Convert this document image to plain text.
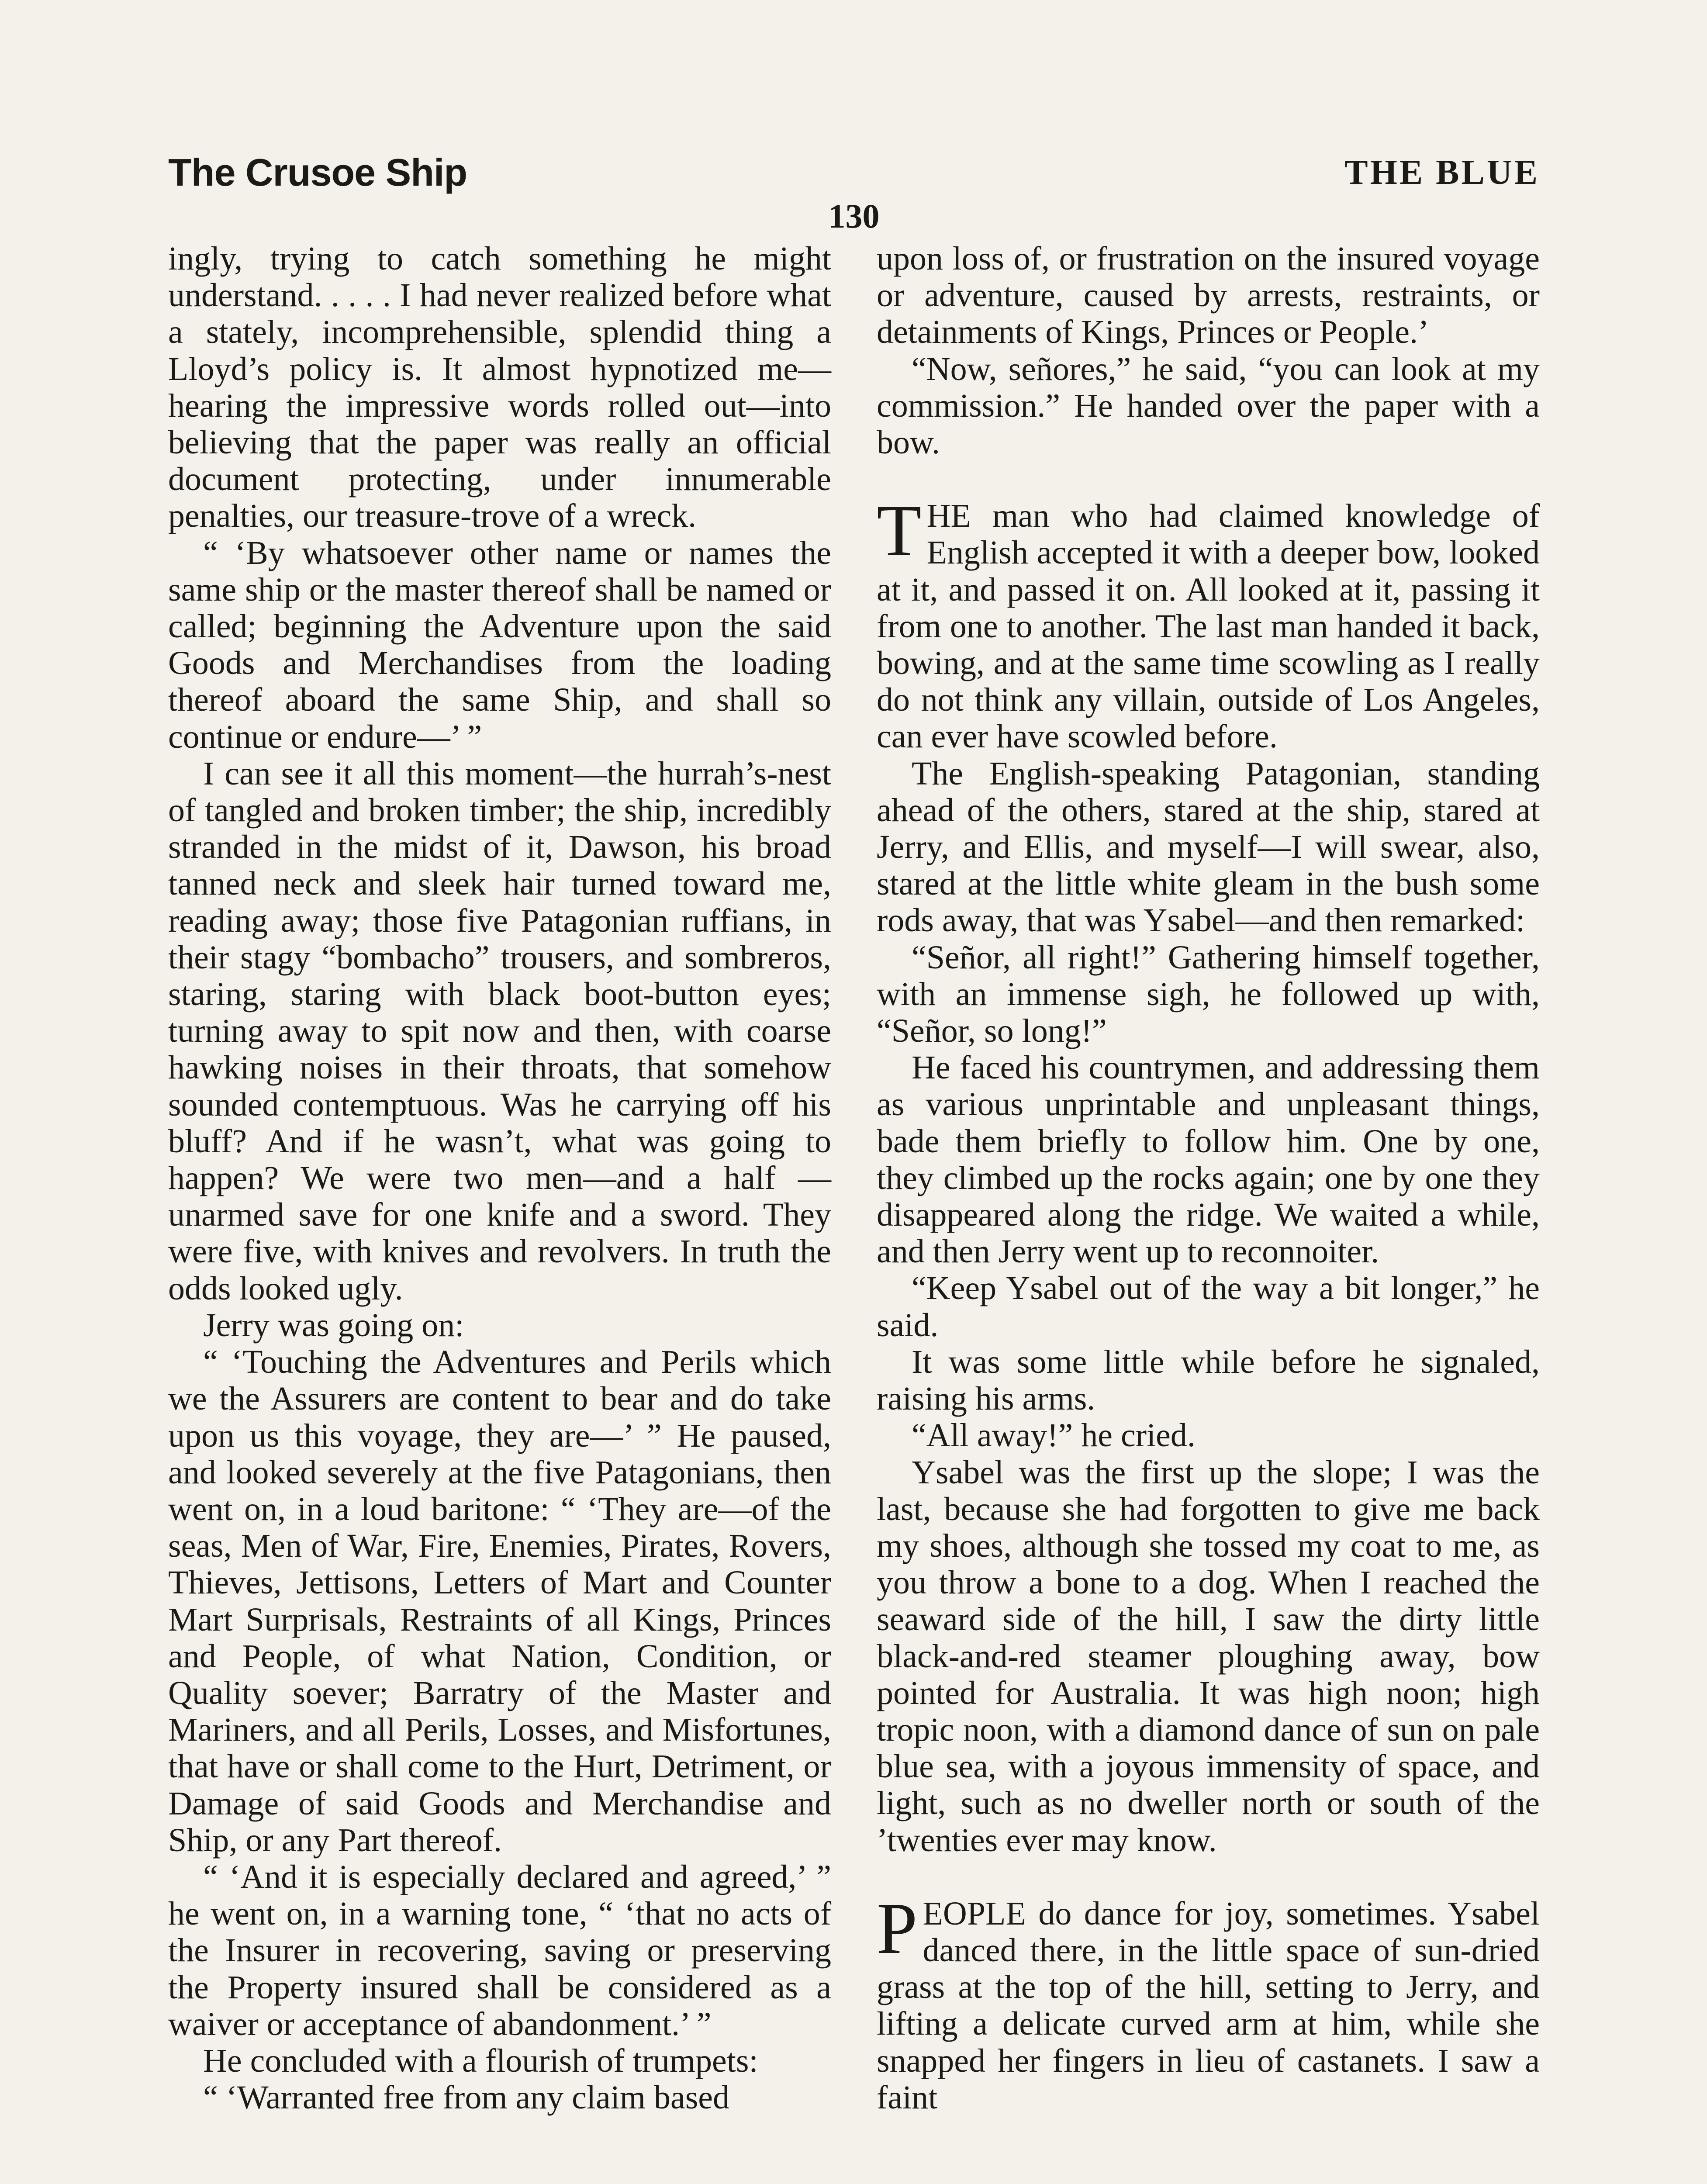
The Crusoe Ship	THE BLUE
130

ingly, trying to catch something he might understand. . . . . I had never realized before what a stately, incomprehensible, splendid thing a Lloyd’s policy is. It almost hypnotized me—hearing the impressive words rolled out—into believing that the paper was really an official document protecting, under innumerable penalties, our treasure-trove of a wreck.

“ ‘By whatsoever other name or names the same ship or the master thereof shall be named or called; beginning the Adventure upon the said Goods and Merchandises from the loading thereof aboard the same Ship, and shall so continue or endure—’ ”

I can see it all this moment—the hurrah’s-nest of tangled and broken timber; the ship, incredibly stranded in the midst of it, Dawson, his broad tanned neck and sleek hair turned toward me, reading away; those five Patagonian ruffians, in their stagy “bombacho” trousers, and sombreros, staring, staring with black boot-button eyes; turning away to spit now and then, with coarse hawking noises in their throats, that somehow sounded contemptuous. Was he carrying off his bluff? And if he wasn’t, what was going to happen? We were two men—and a half —unarmed save for one knife and a sword. They were five, with knives and revolvers. In truth the odds looked ugly.

Jerry was going on:

“ ‘Touching the Adventures and Perils which we the Assurers are content to bear and do take upon us this voyage, they are—’ ” He paused, and looked severely at the five Patagonians, then went on, in a loud baritone: “ ‘They are—of the seas, Men of War, Fire, Enemies, Pirates, Rovers, Thieves, Jettisons, Letters of Mart and Counter Mart Surprisals, Restraints of all Kings, Princes and People, of what Nation, Condition, or Quality soever; Barratry of the Master and Mariners, and all Perils, Losses, and Misfortunes, that have or shall come to the Hurt, Detriment, or Damage of said Goods and Merchandise and Ship, or any Part thereof.

“ ‘And it is especially declared and agreed,’ ” he went on, in a warning tone, “ ‘that no acts of the Insurer in recovering, saving or preserving the Property insured shall be considered as a waiver or acceptance of abandonment.’ ”

He concluded with a flourish of trumpets:

“ ‘Warranted free from any claim based

upon loss of, or frustration on the insured voyage or adventure, caused by arrests, restraints, or detainments of Kings, Princes or People.’

“Now, señores,” he said, “you can look at my commission.” He handed over the paper with a bow.

THE man who had claimed knowledge of English accepted it with a deeper bow, looked at it, and passed it on. All looked at it, passing it from one to another. The last man handed it back, bowing, and at the same time scowling as I really do not think any villain, outside of Los Angeles, can ever have scowled before.

The English-speaking Patagonian, standing ahead of the others, stared at the ship, stared at Jerry, and Ellis, and myself—I will swear, also, stared at the little white gleam in the bush some rods away, that was Ysabel—and then remarked:

“Señor, all right!” Gathering himself together, with an immense sigh, he followed up with, “Señor, so long!”

He faced his countrymen, and addressing them as various unprintable and unpleasant things, bade them briefly to follow him. One by one, they climbed up the rocks again; one by one they disappeared along the ridge. We waited a while, and then Jerry went up to reconnoiter.

“Keep Ysabel out of the way a bit longer,” he said.

It was some little while before he signaled, raising his arms.

“All away!” he cried.

Ysabel was the first up the slope; I was the last, because she had forgotten to give me back my shoes, although she tossed my coat to me, as you throw a bone to a dog. When I reached the seaward side of the hill, I saw the dirty little black-and-red steamer ploughing away, bow pointed for Australia. It was high noon; high tropic noon, with a diamond dance of sun on pale blue sea, with a joyous immensity of space, and light, such as no dweller north or south of the ’twenties ever may know.

PEOPLE do dance for joy, sometimes. Ysabel danced there, in the little space of sun-dried grass at the top of the hill, setting to Jerry, and lifting a delicate curved arm at him, while she snapped her fingers in lieu of castanets. I saw a faint
